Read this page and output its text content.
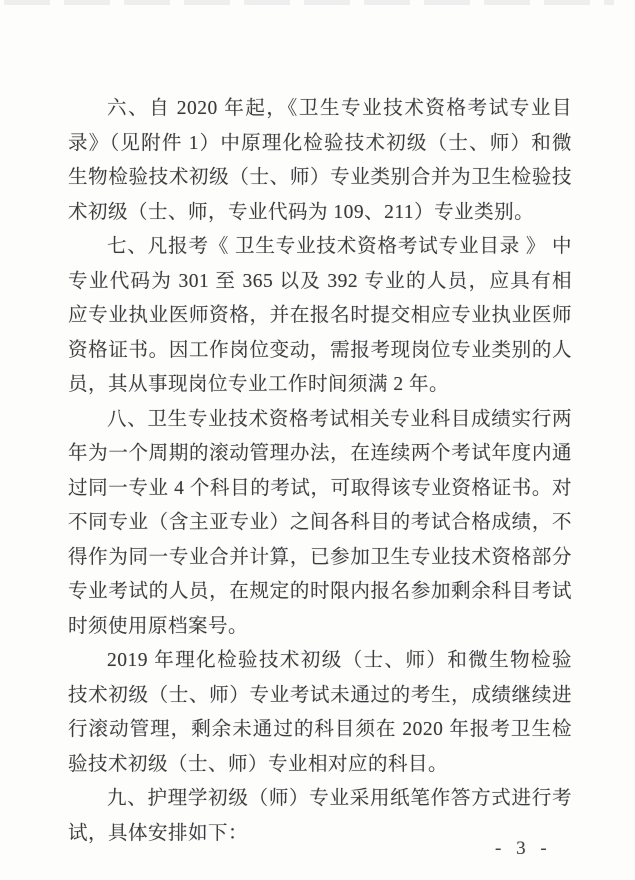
六、自 2020 年起，《卫生专业技术资格考试专业目录》（见附件 1）中原理化检验技术初级（士、师）和微生物检验技术初级（士、师）专业类别合并为卫生检验技术初级（士、师，专业代码为 109、211）专业类别。

七、凡报考《 卫生专业技术资格考试专业目录 》 中专业代码为 301 至 365 以及 392 专业的人员，应具有相应专业执业医师资格，并在报名时提交相应专业执业医师资格证书。因工作岗位变动，需报考现岗位专业类别的人员，其从事现岗位专业工作时间须满 2 年。

八、卫生专业技术资格考试相关专业科目成绩实行两年为一个周期的滚动管理办法，在连续两个考试年度内通过同一专业 4 个科目的考试，可取得该专业资格证书。对不同专业（含主亚专业）之间各科目的考试合格成绩，不得作为同一专业合并计算，已参加卫生专业技术资格部分专业考试的人员，在规定的时限内报名参加剩余科目考试时须使用原档案号。

2019 年理化检验技术初级（士、师）和微生物检验技术初级（士、师）专业考试未通过的考生，成绩继续进行滚动管理，剩余未通过的科目须在 2020 年报考卫生检验技术初级（士、师）专业相对应的科目。

九、护理学初级（师）专业采用纸笔作答方式进行考试，具体安排如下：

- 3 -
